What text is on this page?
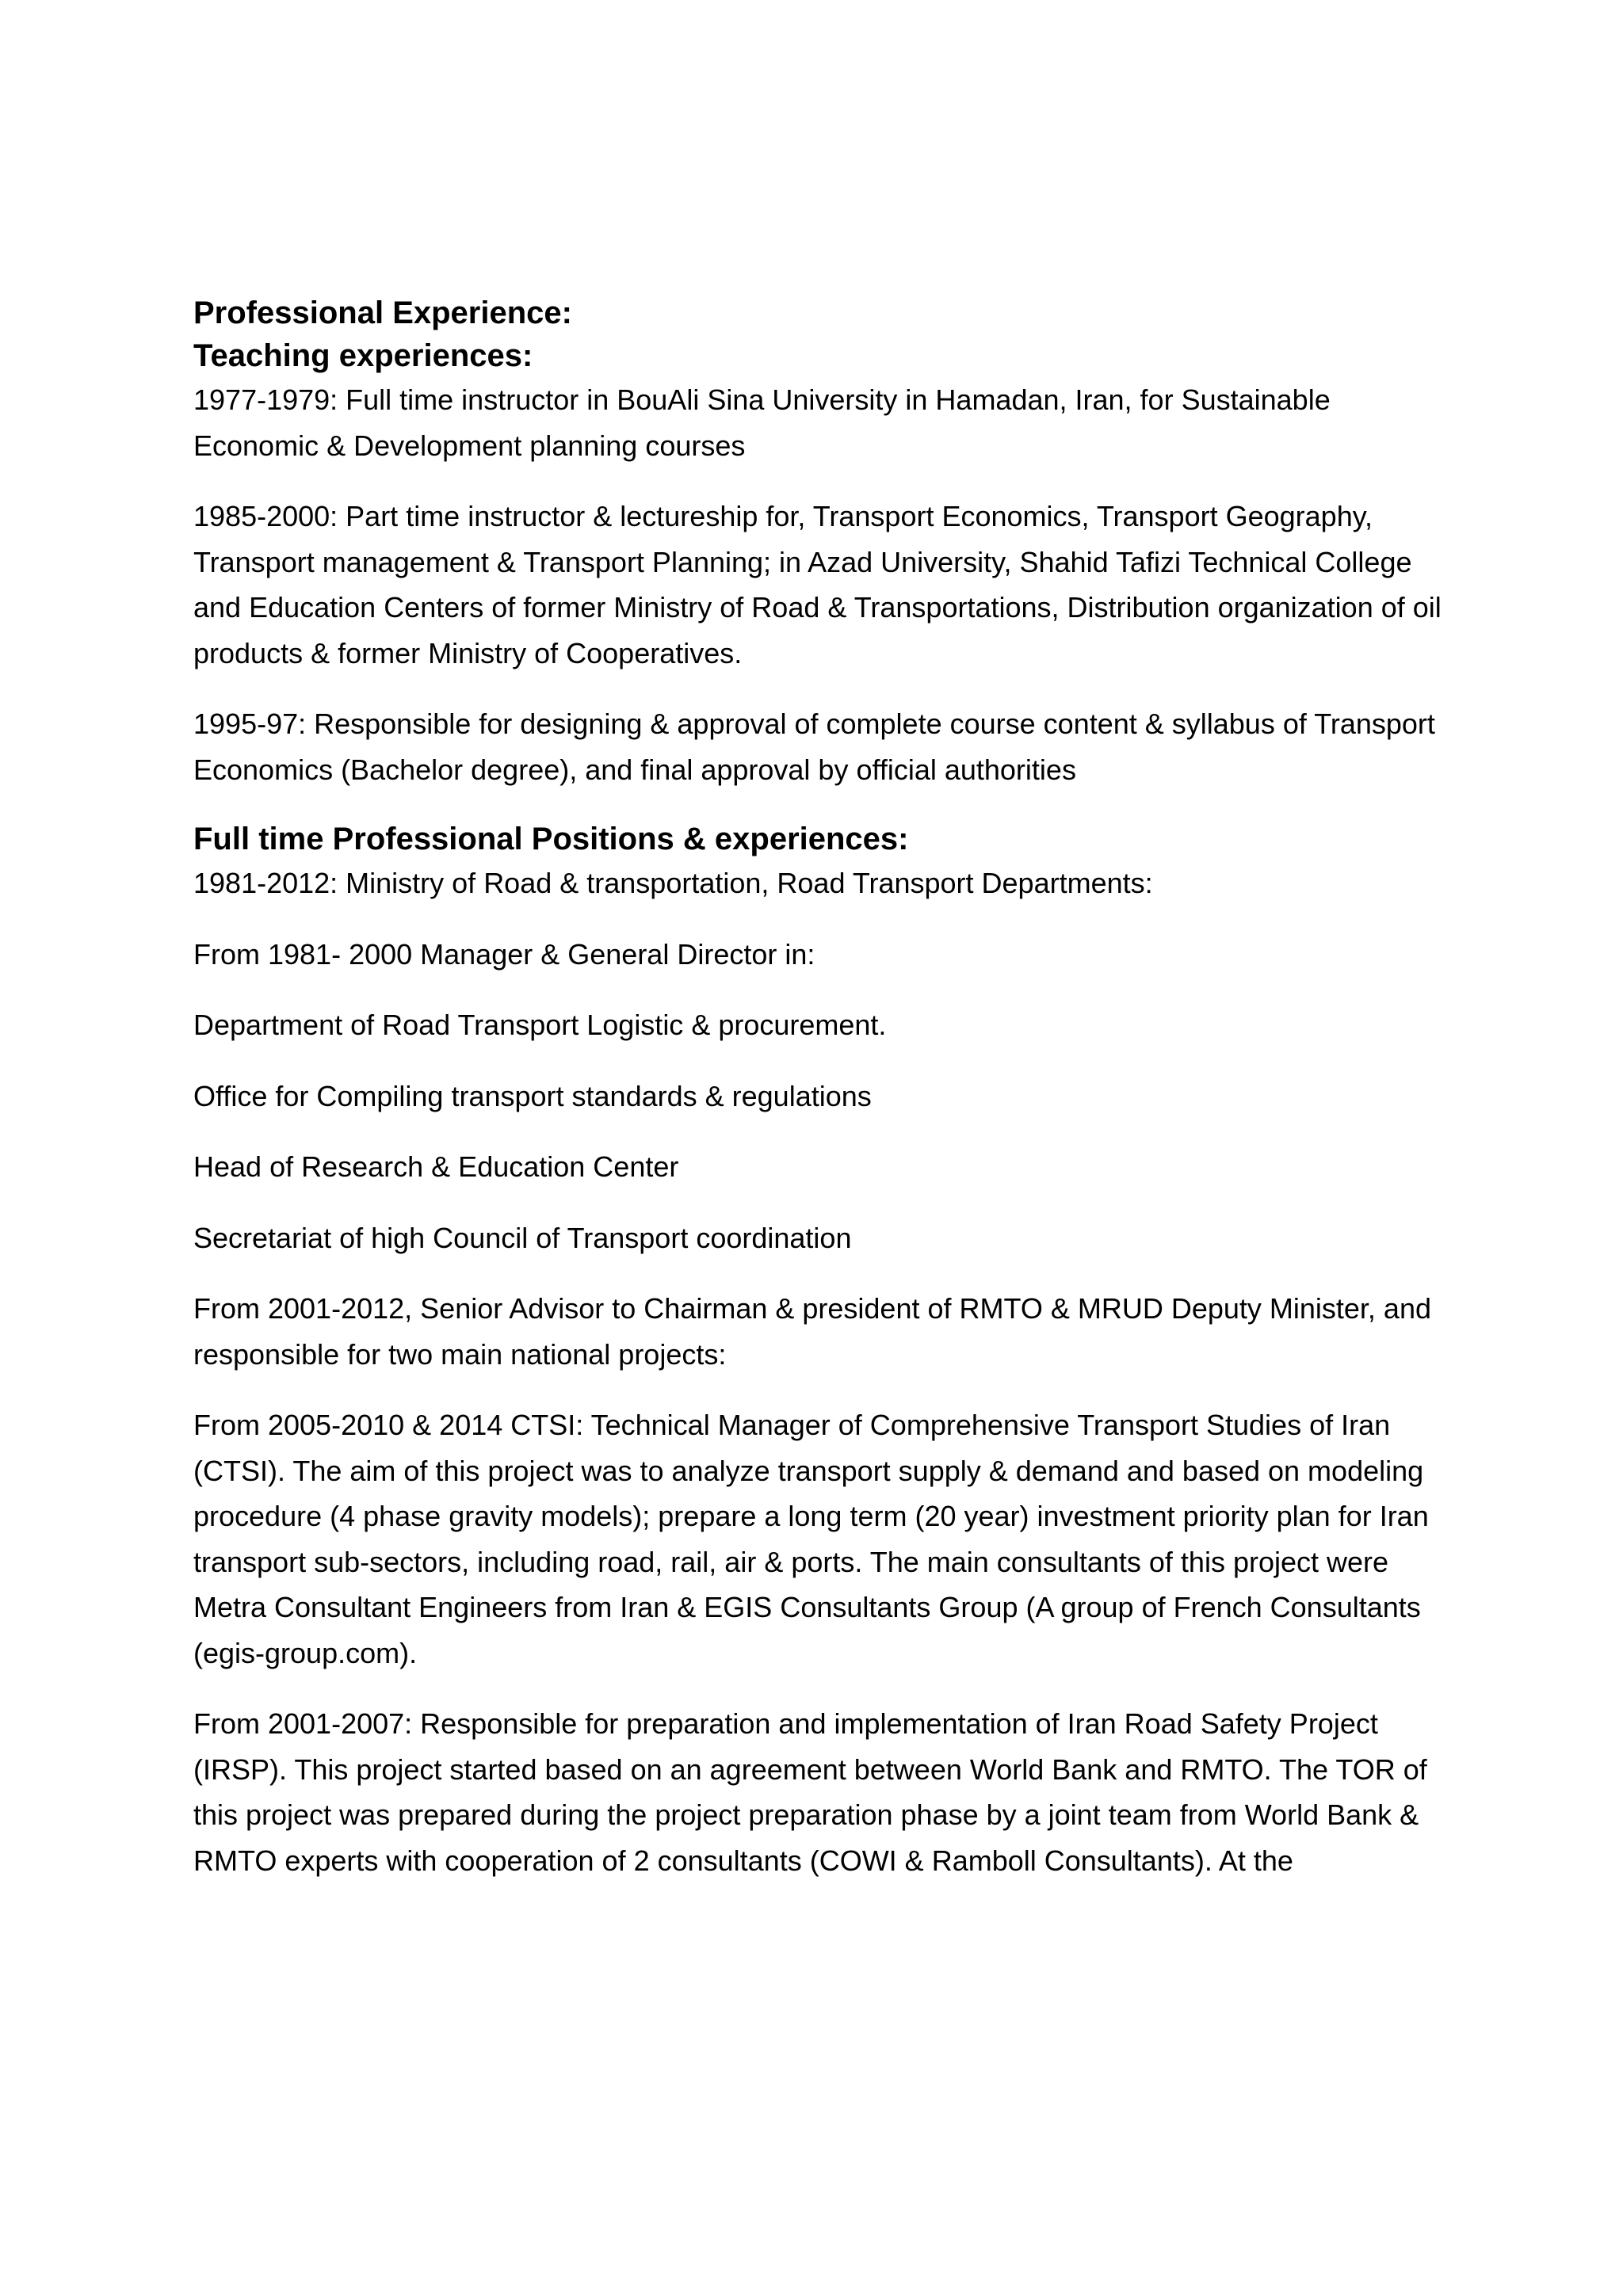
Professional Experience:
Teaching experiences:

1977-1979: Full time instructor in BouAli Sina University in Hamadan, Iran, for Sustainable Economic & Development planning courses

1985-2000: Part time instructor & lectureship for, Transport Economics, Transport Geography, Transport management & Transport Planning; in Azad University, Shahid Tafizi Technical College and Education Centers of former Ministry of Road & Transportations, Distribution organization of oil products & former Ministry of Cooperatives.

1995-97: Responsible for designing & approval of complete course content & syllabus of Transport Economics (Bachelor degree), and final approval by official authorities

Full time Professional Positions & experiences:

1981-2012: Ministry of Road & transportation, Road Transport Departments:

From 1981- 2000 Manager & General Director in:

Department of Road Transport Logistic & procurement.

Office for Compiling transport standards & regulations

Head of Research & Education Center

Secretariat of high Council of Transport coordination

From 2001-2012, Senior Advisor to Chairman & president of RMTO & MRUD Deputy Minister, and responsible for two main national projects:

From 2005-2010 & 2014 CTSI: Technical Manager of Comprehensive Transport Studies of Iran (CTSI). The aim of this project was to analyze transport supply & demand and based on modeling procedure (4 phase gravity models); prepare a long term (20 year) investment priority plan for Iran transport sub-sectors, including road, rail, air & ports. The main consultants of this project were Metra Consultant Engineers from Iran & EGIS Consultants Group (A group of French Consultants (egis-group.com).

From 2001-2007: Responsible for preparation and implementation of Iran Road Safety Project (IRSP). This project started based on an agreement between World Bank and RMTO. The TOR of this project was prepared during the project preparation phase by a joint team from World Bank & RMTO experts with cooperation of 2 consultants (COWI & Ramboll Consultants). At the
